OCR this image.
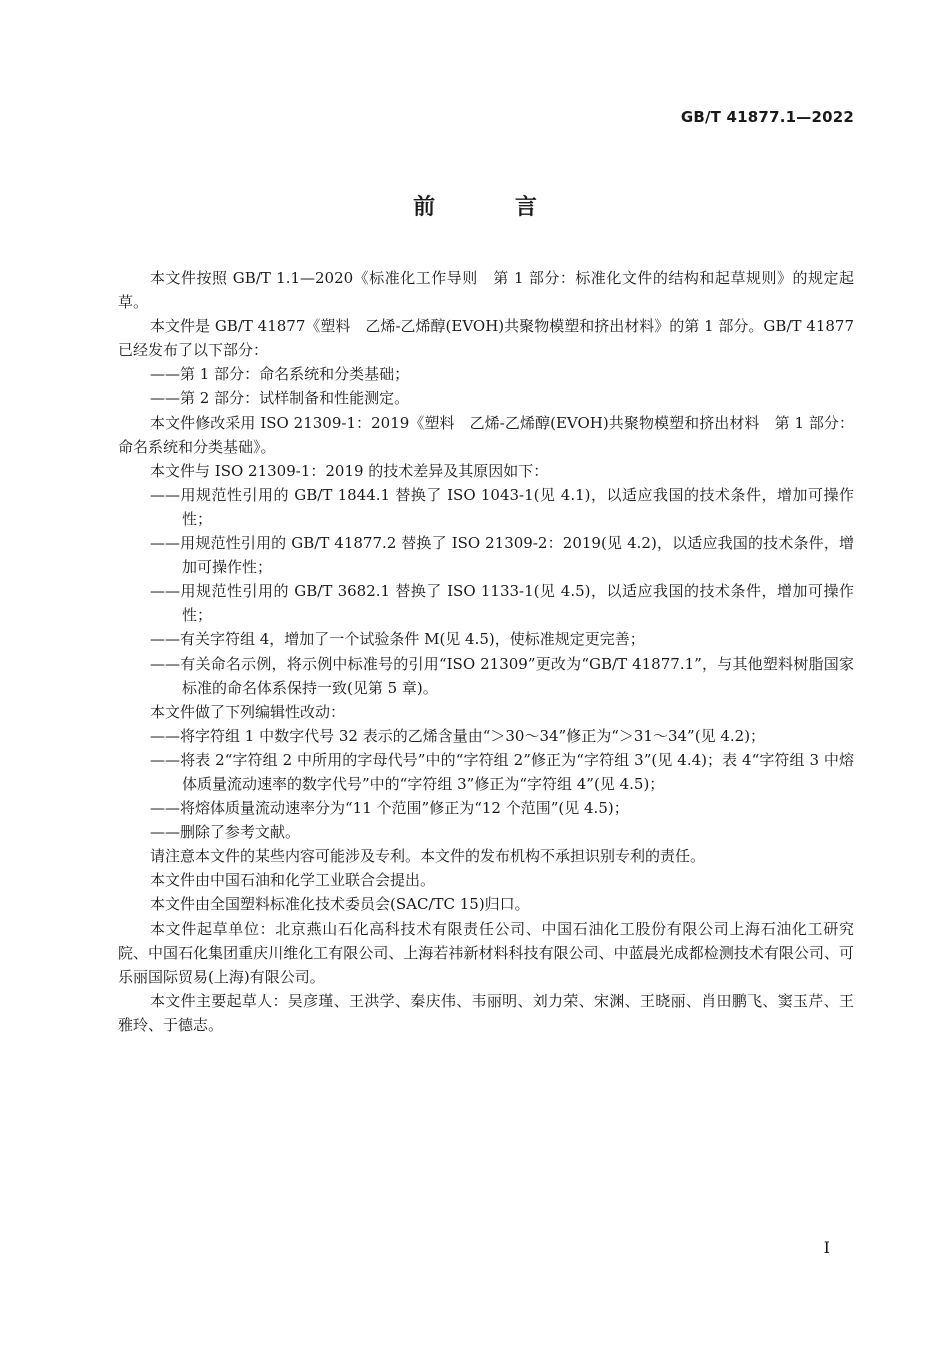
GB/T 41877.1—2022
前 言

本文件按照 GB/T 1.1—2020《标准化工作导则　第 1 部分：标准化文件的结构和起草规则》的规定起草。

本文件是 GB/T 41877《塑料　乙烯-乙烯醇(EVOH)共聚物模塑和挤出材料》的第 1 部分。GB/T 41877 已经发布了以下部分：

——第 1 部分：命名系统和分类基础；

——第 2 部分：试样制备和性能测定。

本文件修改采用 ISO 21309-1：2019《塑料　乙烯-乙烯醇(EVOH)共聚物模塑和挤出材料　第 1 部分：命名系统和分类基础》。

本文件与 ISO 21309-1：2019 的技术差异及其原因如下：

——用规范性引用的 GB/T 1844.1 替换了 ISO 1043-1(见 4.1)，以适应我国的技术条件，增加可操作性；

——用规范性引用的 GB/T 41877.2 替换了 ISO 21309-2：2019(见 4.2)，以适应我国的技术条件，增加可操作性；

——用规范性引用的 GB/T 3682.1 替换了 ISO 1133-1(见 4.5)，以适应我国的技术条件，增加可操作性；

——有关字符组 4，增加了一个试验条件 M(见 4.5)，使标准规定更完善；

——有关命名示例，将示例中标准号的引用“ISO 21309”更改为“GB/T 41877.1”，与其他塑料树脂国家标准的命名体系保持一致(见第 5 章)。

本文件做了下列编辑性改动：

——将字符组 1 中数字代号 32 表示的乙烯含量由“＞30～34”修正为“＞31～34”(见 4.2)；

——将表 2“字符组 2 中所用的字母代号”中的“字符组 2”修正为“字符组 3”(见 4.4)；表 4“字符组 3 中熔体质量流动速率的数字代号”中的“字符组 3”修正为“字符组 4”(见 4.5)；

——将熔体质量流动速率分为“11 个范围”修正为“12 个范围”(见 4.5)；

——删除了参考文献。

请注意本文件的某些内容可能涉及专利。本文件的发布机构不承担识别专利的责任。

本文件由中国石油和化学工业联合会提出。

本文件由全国塑料标准化技术委员会(SAC/TC 15)归口。

本文件起草单位：北京燕山石化高科技术有限责任公司、中国石油化工股份有限公司上海石油化工研究院、中国石化集团重庆川维化工有限公司、上海若祎新材料科技有限公司、中蓝晨光成都检测技术有限公司、可乐丽国际贸易(上海)有限公司。

本文件主要起草人：吴彦瑾、王洪学、秦庆伟、韦丽明、刘力荣、宋渊、王晓丽、肖田鹏飞、窦玉芹、王雅玲、于德志。

Ⅰ
